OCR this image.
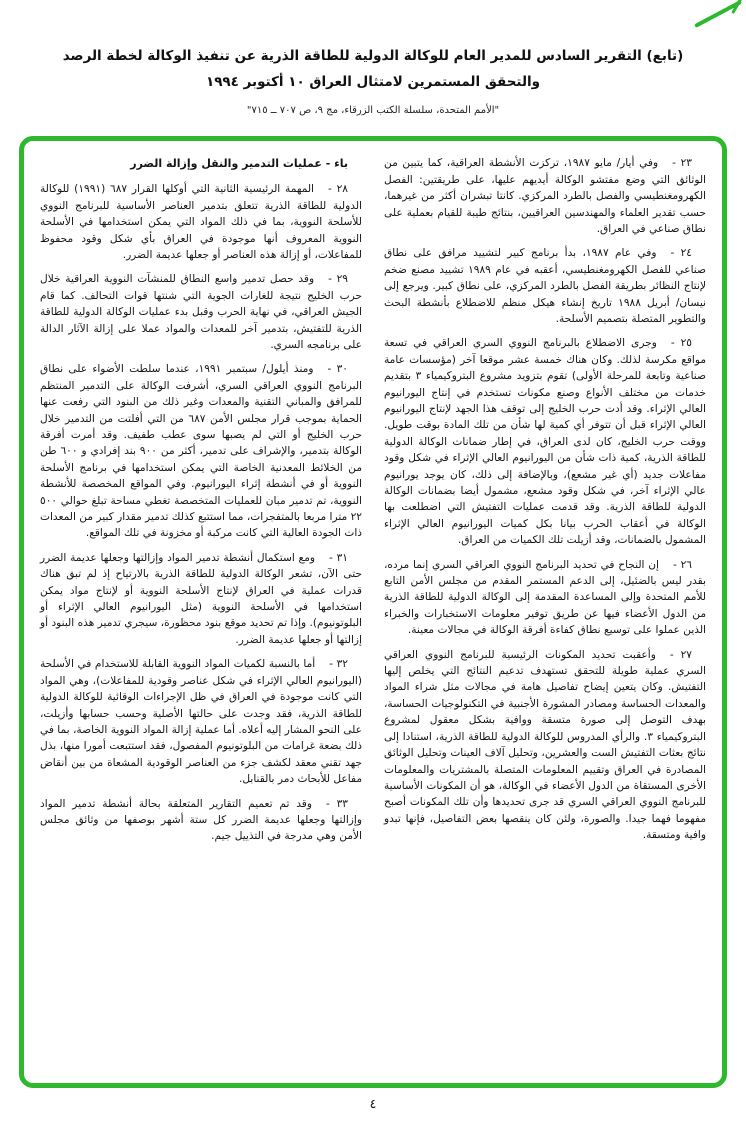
(تابع) التقرير السادس للمدير العام للوكالة الدولية للطاقة الذرية عن تنفيذ الوكالة لخطة الرصد
والتحقق المستمرين لامتثال العراق ١٠ أكتوبر ١٩٩٤
"الأمم المتحدة، سلسلة الكتب الزرقاء، مج ٩، ص ٧٠٧ ــ ٧١٥"

٢٣ -وفي أيار/ مايو ١٩٨٧، تركزت الأنشطة العراقية، كما يتبين من الوثائق التي وضع مفتشو الوكالة أيديهم عليها، على طريقتين: الفصل الكهرومغنطيسي والفصل بالطرد المركزي. كانتا تبشران أكثر من غيرهما، حسب تقدير العلماء والمهندسين العراقيين، بنتائج طيبة للقيام بعملية على نطاق صناعي في العراق.

٢٤ -وفي عام ١٩٨٧، بدأ برنامج كبير لتشييد مرافق على نطاق صناعي للفصل الكهرومغنطيسي، أعقبه في عام ١٩٨٩ تشييد مصنع ضخم لإنتاج النظائر بطريقة الفصل بالطرد المركزي، على نطاق كبير. ويرجع إلى نيسان/ أبريل ١٩٨٨ تاريخ إنشاء هيكل منظم للاضطلاع بأنشطة البحث والتطوير المتصلة بتصميم الأسلحة.

٢٥ -وجرى الاضطلاع بالبرنامج النووي السري العراقي في تسعة مواقع مكرسة لذلك. وكان هناك خمسة عشر موقعا آخر (مؤسسات عامة صناعية وتابعة للمرحلة الأولى) تقوم بتزويد مشروع البتروكيمياء ٣ بتقديم خدمات من مختلف الأنواع وصنع مكونات تستخدم في إنتاج اليورانيوم العالي الإثراء. وقد أدت حرب الخليج إلى توقف هذا الجهد لإنتاج اليورانيوم العالي الإثراء قبل أن تتوفر أي كمية لها شأن من تلك المادة بوقت طويل. ووقت حرب الخليج، كان لدى العراق، في إطار ضمانات الوكالة الدولية للطاقة الذرية، كمية ذات شأن من اليورانيوم العالي الإثراء في شكل وقود مفاعلات جديد (أي غير مشعع)، وبالإضافة إلى ذلك، كان يوجد يورانيوم عالي الإثراء آخر، في شكل وقود مشعع، مشمول أيضا بضمانات الوكالة الدولية للطاقة الذرية. وقد قدمت عمليات التفتيش التي اضطلعت بها الوكالة في أعقاب الحرب بيانا بكل كميات اليورانيوم العالي الإثراء المشمول بالضمانات، وقد أزيلت تلك الكميات من العراق.

٢٦ -إن النجاح في تحديد البرنامج النووي العراقي السري إنما مرده، بقدر ليس بالضئيل، إلى الدعم المستمر المقدم من مجلس الأمن التابع للأمم المتحدة وإلى المساعدة المقدمة إلى الوكالة الدولية للطاقة الذرية من الدول الأعضاء فيها عن طريق توفير معلومات الاستخبارات والخبراء الذين عملوا على توسيع نطاق كفاءة أفرقة الوكالة في مجالات معينة.

٢٧ -وأعقبت تحديد المكونات الرئيسية للبرنامج النووي العراقي السري عملية طويلة للتحقق تستهدف تدعيم النتائج التي يخلص إليها التفتيش. وكان يتعين إيضاح تفاصيل هامة في مجالات مثل شراء المواد والمعدات الحساسة ومصادر المشورة الأجنبية في التكنولوجيات الحساسة، بهدف التوصل إلى صورة متسقة ووافية بشكل معقول لمشروع البتروكيمياء ٣. والرأي المدروس للوكالة الدولية للطاقة الذرية، استنادا إلى نتائج بعثات التفتيش الست والعشرين، وتحليل آلاف العينات وتحليل الوثائق المصادرة في العراق وتقييم المعلومات المتصلة بالمشتريات والمعلومات الأخرى المستقاة من الدول الأعضاء في الوكالة، هو أن المكونات الأساسية للبرنامج النووي العراقي السري قد جرى تحديدها وأن تلك المكونات أصبح مفهوما فهما جيدا. والصورة، ولئن كان ينقصها بعض التفاصيل، فإنها تبدو وافية ومتسقة.

باء - عمليات التدمير والنقل وإزالة الضرر

٢٨ -المهمة الرئيسية الثانية التي أوكلها القرار ٦٨٧ (١٩٩١) للوكالة الدولية للطاقة الذرية تتعلق بتدمير العناصر الأساسية للبرنامج النووي للأسلحة النووية، بما في ذلك المواد التي يمكن استخدامها في الأسلحة النووية المعروف أنها موجودة في العراق بأي شكل وقود محفوظ للمفاعلات، أو إزالة هذه العناصر أو جعلها عديمة الضرر.

٢٩ -وقد حصل تدمير واسع النطاق للمنشآت النووية العراقية خلال حرب الخليج نتيجة للغارات الجوية التي شنتها قوات التحالف. كما قام الجيش العراقي، في نهاية الحرب وقبل بدء عمليات الوكالة الدولية للطاقة الذرية للتفتيش، بتدمير آخر للمعدات والمواد عملا على إزالة الآثار الدالة على برنامجه السري.

٣٠ -ومنذ أيلول/ سبتمبر ١٩٩١، عندما سلطت الأضواء على نطاق البرنامج النووي العراقي السري، أشرفت الوكالة على التدمير المنتظم للمرافق والمباني التقنية والمعدات وغير ذلك من البنود التي رفعت عنها الحماية بموجب قرار مجلس الأمن ٦٨٧ من التي أفلتت من التدمير خلال حرب الخليج أو التي لم يصبها سوى عطب طفيف. وقد أمرت أفرقة الوكالة بتدمير، والإشراف على تدمير، أكثر من ٩٠٠ بند إفرادي و ٦٠٠ طن من الخلائط المعدنية الخاصة التي يمكن استخدامها في برنامج الأسلحة النووية أو في أنشطة إثراء اليورانيوم. وفي المواقع المخصصة للأنشطة النووية، تم تدمير مبان للعمليات المتخصصة تغطي مساحة تبلغ حوالي ٥٠٠ ٢٢ مترا مربعا بالمتفجرات، مما استتبع كذلك تدمير مقدار كبير من المعدات ذات الجودة العالية التي كانت مركبة أو مخزونة في تلك المواقع.

٣١ -ومع استكمال أنشطة تدمير المواد وإزالتها وجعلها عديمة الضرر حتى الآن، تشعر الوكالة الدولية للطاقة الذرية بالارتياح إذ لم تبق هناك قدرات عملية في العراق لإنتاج الأسلحة النووية أو لإنتاج مواد يمكن استخدامها في الأسلحة النووية (مثل اليورانيوم العالي الإثراء أو البلوتونيوم). وإذا تم تحديد موقع بنود محظورة، سيجري تدمير هذه البنود أو إزالتها أو جعلها عديمة الضرر.

٣٢ -أما بالنسبة لكميات المواد النووية القابلة للاستخدام في الأسلحة (اليورانيوم العالي الإثراء في شكل عناصر وقودية للمفاعلات)، وهي المواد التي كانت موجودة في العراق في ظل الإجراءات الوقائية للوكالة الدولية للطاقة الذرية، فقد وجدت على حالتها الأصلية وحسب حسابها وأزيلت، على النحو المشار إليه أعلاه. أما عملية إزالة المواد النووية الخاصة، بما في ذلك بضعة غرامات من البلوتونيوم المفصول، فقد استتبعت أمورا منها، بذل جهد تقني معقد لكشف جزء من العناصر الوقودية المشعاة من بين أنقاض مفاعل للأبحاث دمر بالقنابل.

٣٣ -وقد تم تعميم التقارير المتعلقة بحالة أنشطة تدمير المواد وإزالتها وجعلها عديمة الضرر كل ستة أشهر بوصفها من وثائق مجلس الأمن وهي مدرجة في التذييل جيم.

٤
